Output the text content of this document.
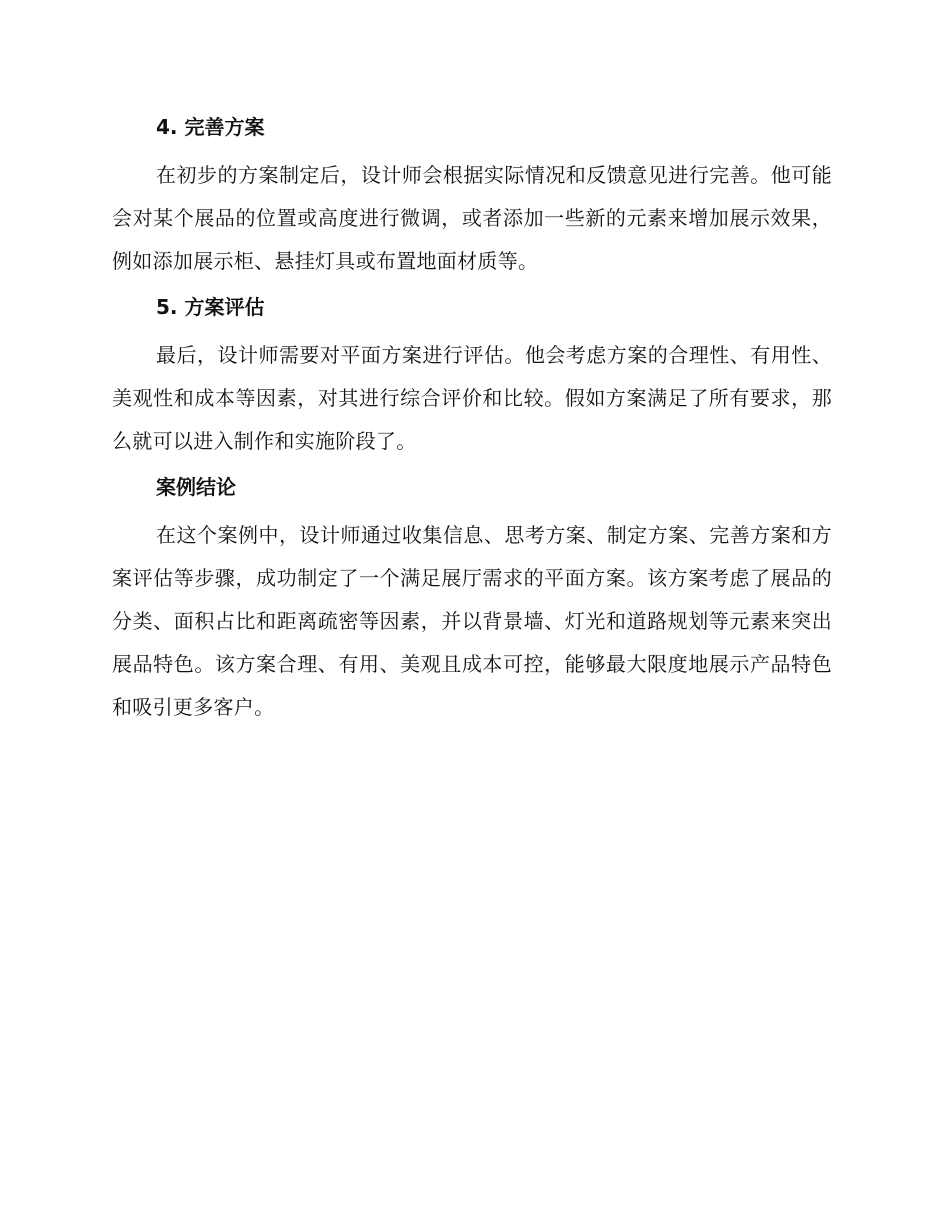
4. 完善方案

在初步的方案制定后，设计师会根据实际情况和反馈意见进行完善。他可能会对某个展品的位置或高度进行微调，或者添加一些新的元素来增加展示效果，例如添加展示柜、悬挂灯具或布置地面材质等。

5. 方案评估

最后，设计师需要对平面方案进行评估。他会考虑方案的合理性、有用性、美观性和成本等因素，对其进行综合评价和比较。假如方案满足了所有要求，那么就可以进入制作和实施阶段了。

案例结论

在这个案例中，设计师通过收集信息、思考方案、制定方案、完善方案和方案评估等步骤，成功制定了一个满足展厅需求的平面方案。该方案考虑了展品的分类、面积占比和距离疏密等因素，并以背景墙、灯光和道路规划等元素来突出展品特色。该方案合理、有用、美观且成本可控，能够最大限度地展示产品特色和吸引更多客户。
